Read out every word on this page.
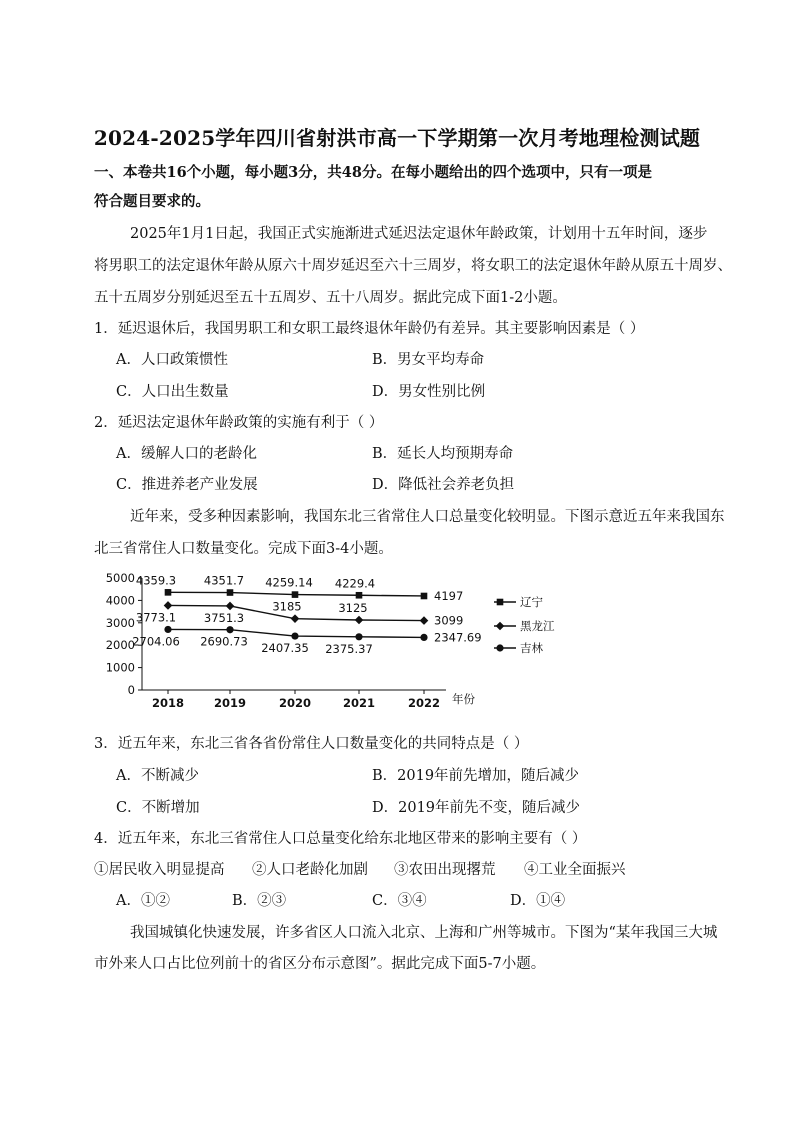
2024-2025学年四川省射洪市高一下学期第一次月考地理检测试题
一、本卷共16个小题，每小题3分，共48分。在每小题给出的四个选项中，只有一项是
符合题目要求的。
2025年1月1日起，我国正式实施渐进式延迟法定退休年龄政策，计划用十五年时间，逐步
将男职工的法定退休年龄从原六十周岁延迟至六十三周岁，将女职工的法定退休年龄从原五十周岁、
五十五周岁分别延迟至五十五周岁、五十八周岁。据此完成下面1-2小题。
1．延迟退休后，我国男职工和女职工最终退休年龄仍有差异。其主要影响因素是（ ）
A．人口政策惯性	B．男女平均寿命
C．人口出生数量	D．男女性别比例
2．延迟法定退休年龄政策的实施有利于（ ）
A．缓解人口的老龄化	B．延长人均预期寿命
C．推进养老产业发展	D．降低社会养老负担
近年来，受多种因素影响，我国东北三省常住人口总量变化较明显。下图示意近五年来我国东
北三省常住人口数量变化。完成下面3-4小题。
0
1000
2000
3000
4000
5000
2018	2019	2020	2021	2022 年份
4359.3 4351.7 4259.14 4229.4
4197	辽宁
3773.1 3751.3
3185	3125
3099	黑龙江
2704.06 2690.73 2407.35 2375.37
2347.69
吉林
3．近五年来，东北三省各省份常住人口数量变化的共同特点是（ ）
A．不断减少	B．2019年前先增加，随后减少
C．不断增加	D．2019年前先不变，随后减少
4．近五年来，东北三省常住人口总量变化给东北地区带来的影响主要有（ ）
①居民收入明显提高 ②人口老龄化加剧 ③农田出现撂荒 ④工业全面振兴
A．①②	B．②③	C．③④	D．①④
我国城镇化快速发展，许多省区人口流入北京、上海和广州等城市。下图为“某年我国三大城
市外来人口占比位列前十的省区分布示意图”。据此完成下面5-7小题。
